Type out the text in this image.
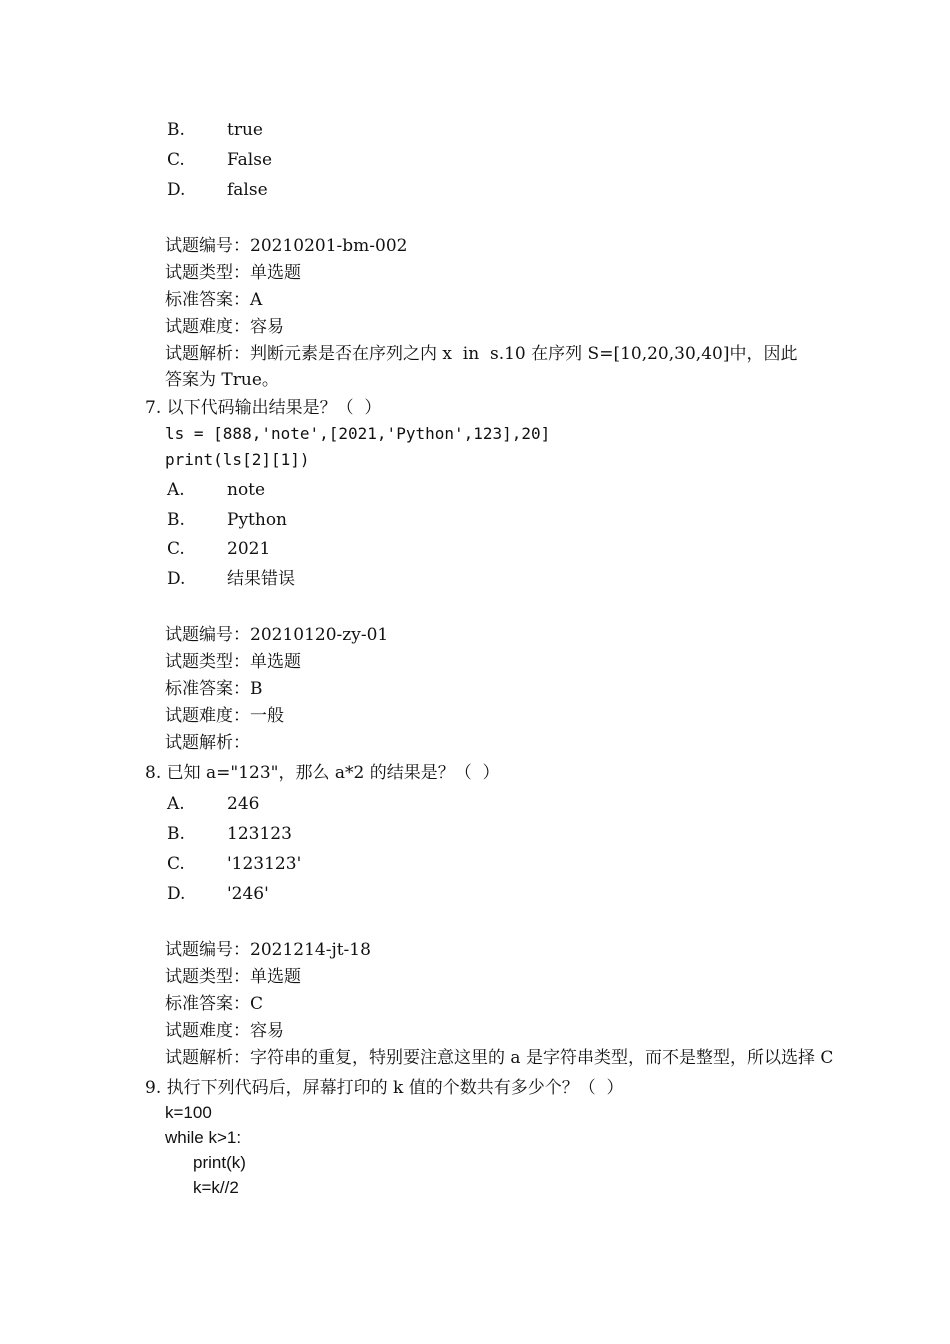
B.

true

C.

False

D.

false

试题编号：20210201-bm-002

试题类型：单选题

标准答案：A

试题难度：容易

试题解析：判断元素是否在序列之内 x  in  s.10 在序列 S=[10,20,30,40]中，因此

答案为 True。

7. 以下代码输出结果是？（  ）

ls = [888,'note',[2021,'Python',123],20]

print(ls[2][1])

A.

note

B.

Python

C.

2021

D.

结果错误

试题编号：20210120-zy-01

试题类型：单选题

标准答案：B

试题难度：一般

试题解析：

8. 已知 a="123"，那么 a*2 的结果是？（  ）

A.

246

B.

123123

C.

'123123'

D.

'246'

试题编号：2021214-jt-18

试题类型：单选题

标准答案：C

试题难度：容易

试题解析：字符串的重复，特别要注意这里的 a 是字符串类型，而不是整型，所以选择 C

9. 执行下列代码后，屏幕打印的 k 值的个数共有多少个？（  ）

k=100

while k>1:

print(k)

k=k//2
